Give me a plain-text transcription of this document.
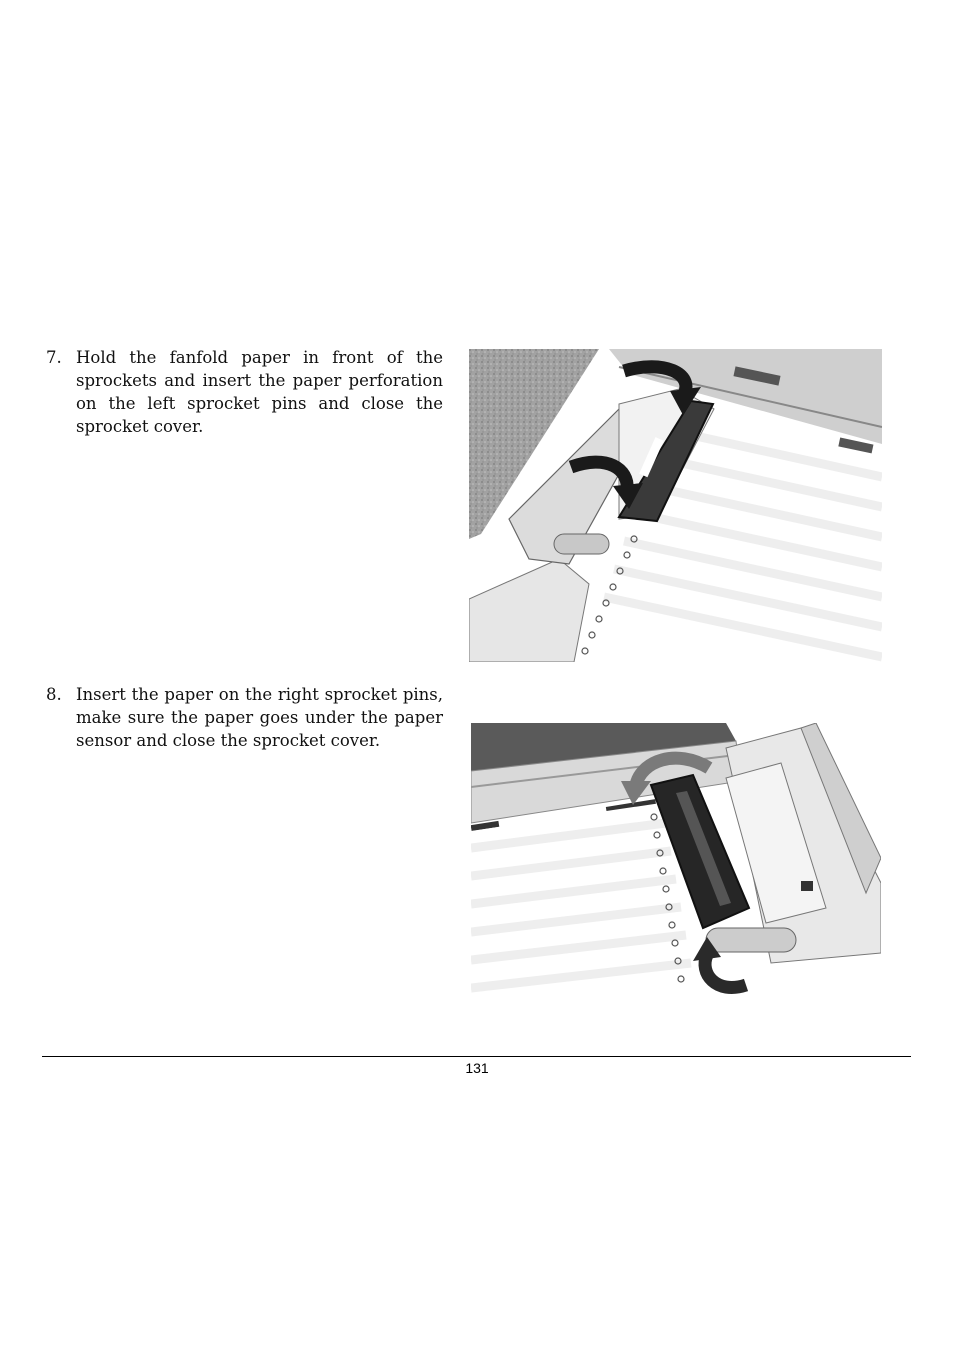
7. Hold the fanfold paper in front of the sprockets and insert the paper perforation on the left sprocket pins and close the sprocket cover.
8. Insert the paper on the right sprocket pins, make sure the paper goes under the paper sensor and close the sprocket cover.
131
